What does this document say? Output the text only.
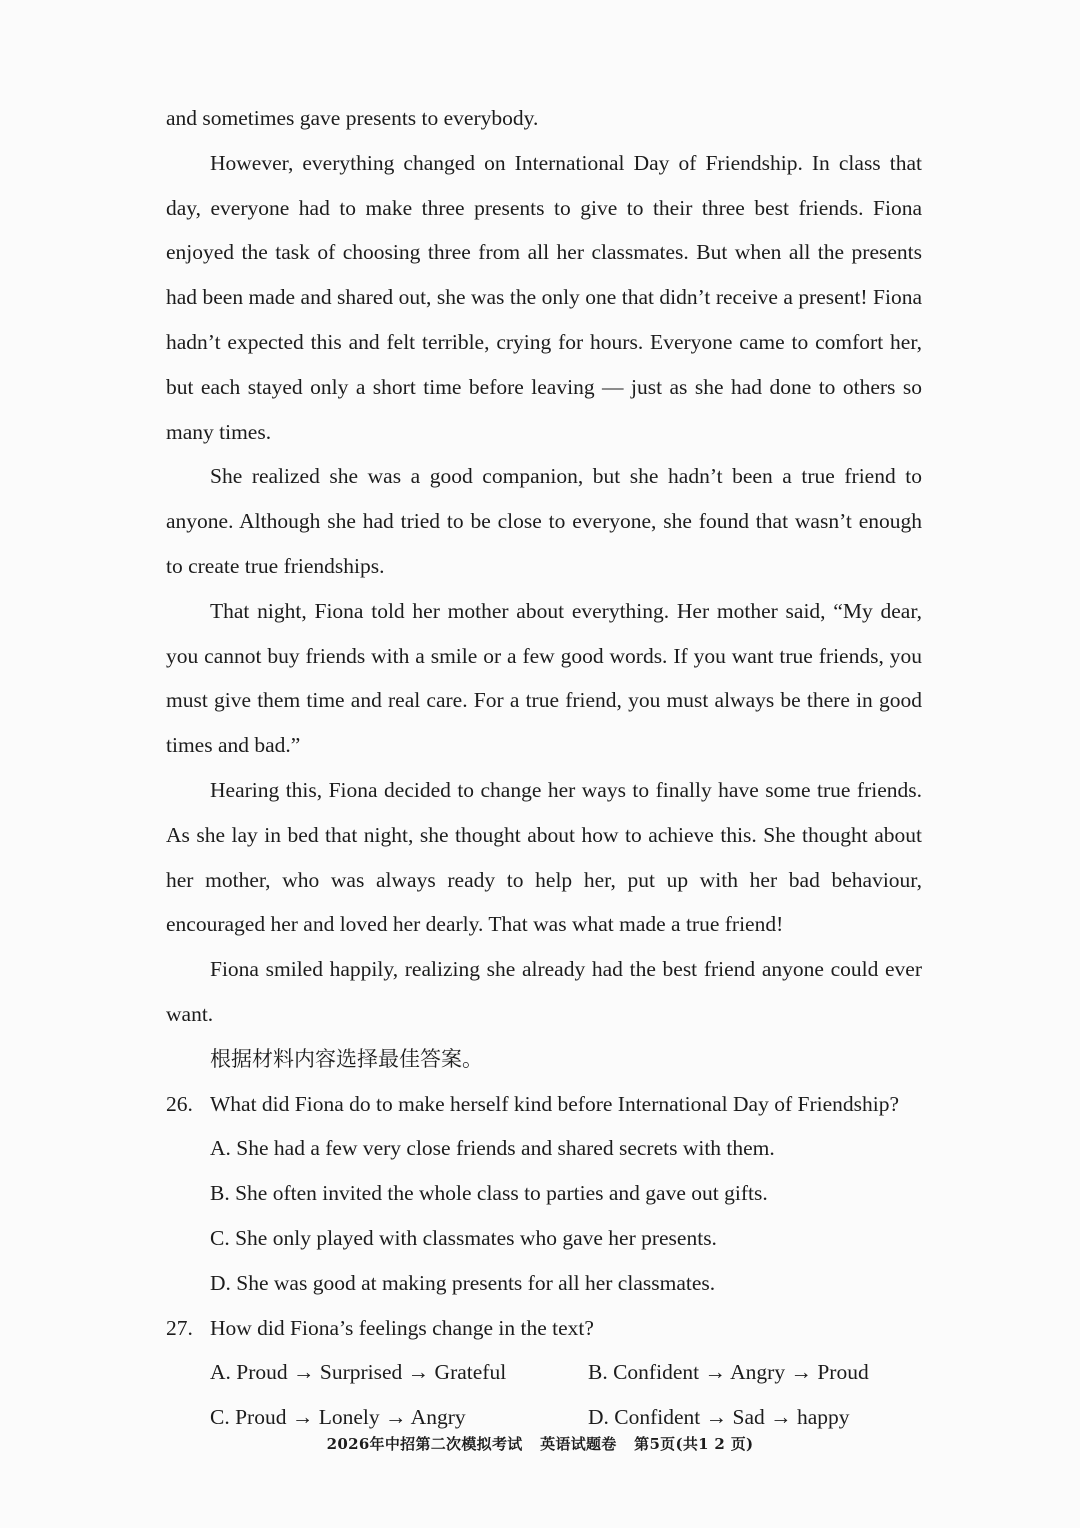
and sometimes gave presents to everybody.

However, everything changed on International Day of Friendship. In class that day, everyone had to make three presents to give to their three best friends. Fiona enjoyed the task of choosing three from all her classmates. But when all the presents had been made and shared out, she was the only one that didn’t receive a present! Fiona hadn’t expected this and felt terrible, crying for hours. Everyone came to comfort her, but each stayed only a short time before leaving — just as she had done to others so many times.

She realized she was a good companion, but she hadn’t been a true friend to anyone. Although she had tried to be close to everyone, she found that wasn’t enough to create true friendships.

That night, Fiona told her mother about everything. Her mother said, “My dear, you cannot buy friends with a smile or a few good words. If you want true friends, you must give them time and real care. For a true friend, you must always be there in good times and bad.”

Hearing this, Fiona decided to change her ways to finally have some true friends. As she lay in bed that night, she thought about how to achieve this. She thought about her mother, who was always ready to help her, put up with her bad behaviour, encouraged her and loved her dearly. That was what made a true friend!

Fiona smiled happily, realizing she already had the best friend anyone could ever want.

根据材料内容选择最佳答案。

26. What did Fiona do to make herself kind before International Day of Friendship?

A. She had a few very close friends and shared secrets with them.

B. She often invited the whole class to parties and gave out gifts.

C. She only played with classmates who gave her presents.

D. She was good at making presents for all her classmates.

27. How did Fiona’s feelings change in the text?

A. Proud → Surprised → Grateful	B. Confident → Angry → Proud
C. Proud → Lonely → Angry	D. Confident → Sad → happy
2026年中招第二次模拟考试 英语试题卷 第5页(共1 2 页)
